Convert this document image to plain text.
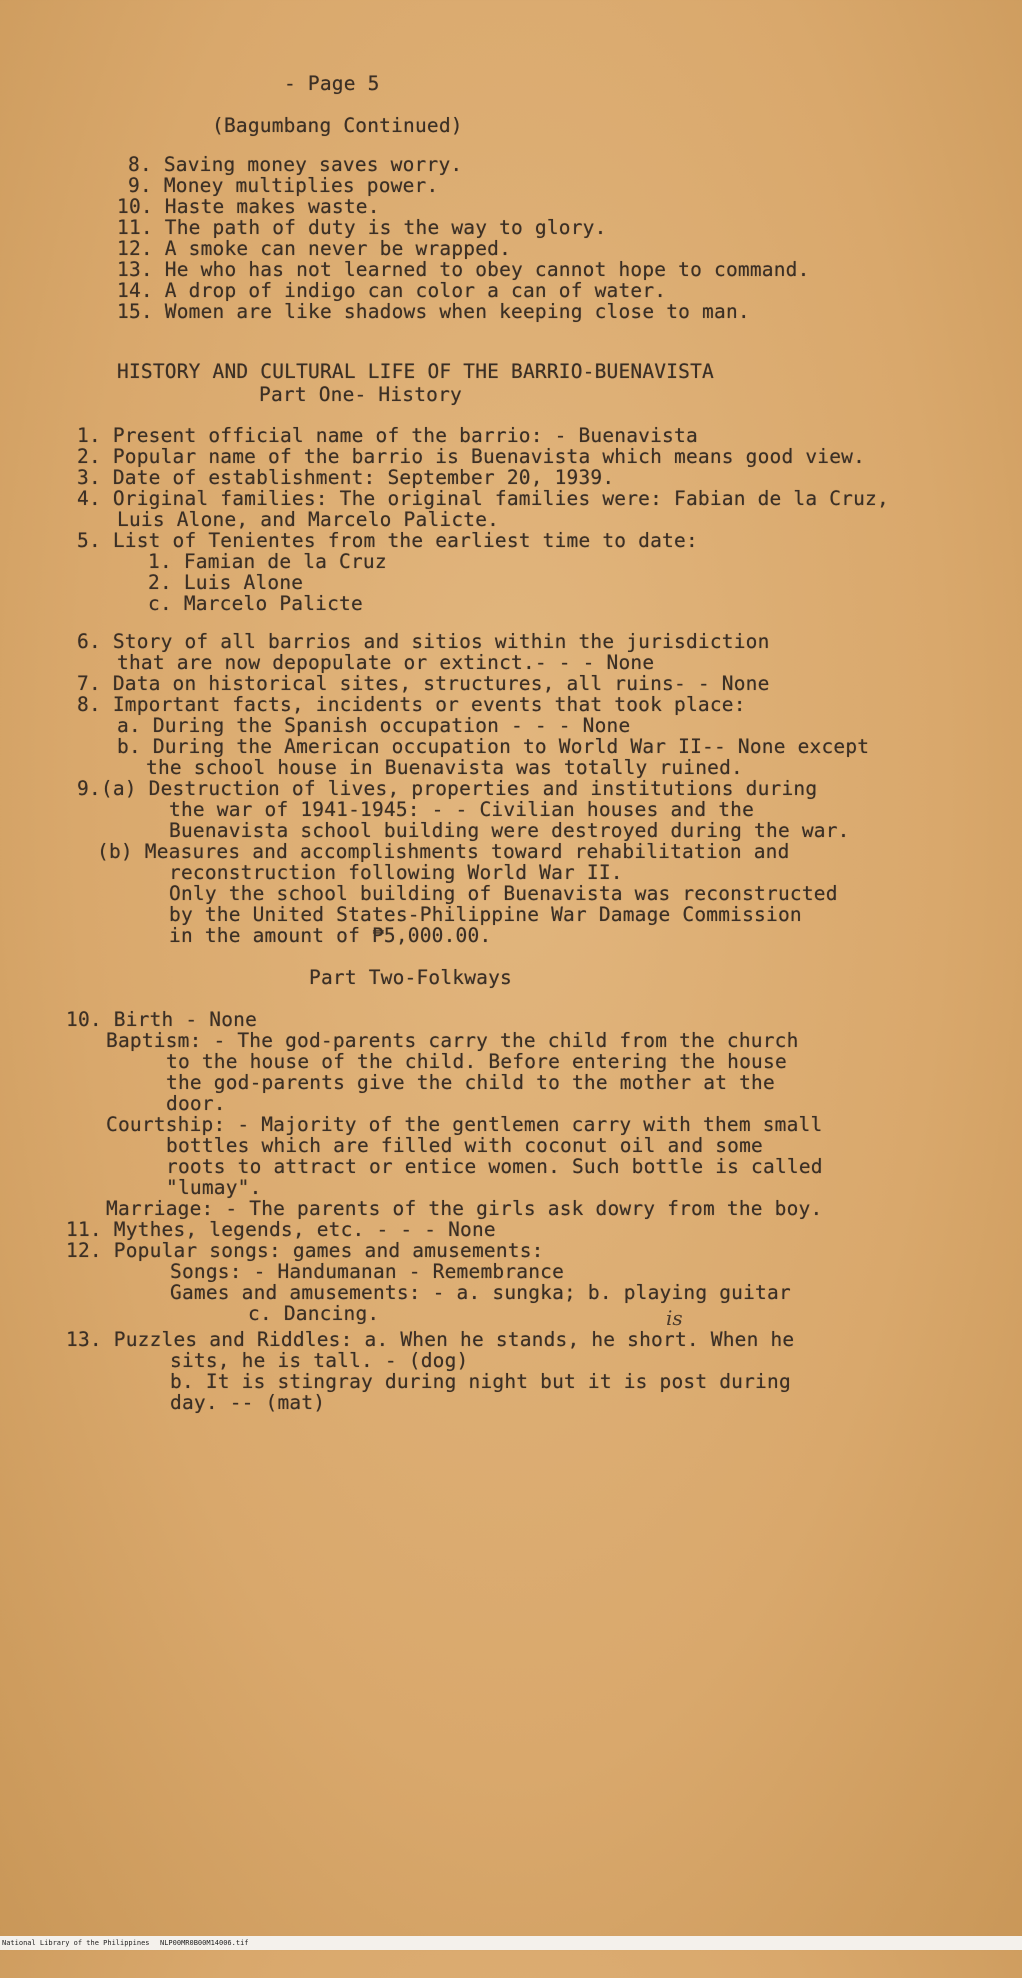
- Page 5
(Bagumbang Continued)
8. Saving money saves worry.
9. Money multiplies power.
10. Haste makes waste.
11. The path of duty is the way to glory.
12. A smoke can never be wrapped.
13. He who has not learned to obey cannot hope to command.
14. A drop of indigo can color a can of water.
15. Women are like shadows when keeping close to man.
HISTORY AND CULTURAL LIFE OF THE BARRIO-BUENAVISTA
Part One- History
1. Present official name of the barrio: - Buenavista
2. Popular name of the barrio is Buenavista which means good view.
3. Date of establishment: September 20, 1939.
4. Original families: The original families were: Fabian de la Cruz,
Luis Alone, and Marcelo Palicte.
5. List of Tenientes from the earliest time to date:
1. Famian de la Cruz
2. Luis Alone
c. Marcelo Palicte
6. Story of all barrios and sitios within the jurisdiction
that are now depopulate or extinct.- - - None
7. Data on historical sites, structures, all ruins- - None
8. Important facts, incidents or events that took place:
a. During the Spanish occupation - - - None
b. During the American occupation to World War II-- None except
the school house in Buenavista was totally ruined.
9.(a) Destruction of lives, properties and institutions during
the war of 1941-1945: - - Civilian houses and the
Buenavista school building were destroyed during the war.
(b) Measures and accomplishments toward rehabilitation and
reconstruction following World War II.
Only the school building of Buenavista was reconstructed
by the United States-Philippine War Damage Commission
in the amount of ₱5,000.00.
Part Two-Folkways
10. Birth - None
Baptism: - The god-parents carry the child from the church
to the house of the child. Before entering the house
the god-parents give the child to the mother at the
door.
Courtship: - Majority of the gentlemen carry with them small
bottles which are filled with coconut oil and some
roots to attract or entice women. Such bottle is called
"lumay".
Marriage: - The parents of the girls ask dowry from the boy.
11. Mythes, legends, etc. - - - None
12. Popular songs: games and amusements:
Songs: - Handumanan - Remembrance
Games and amusements: - a. sungka; b. playing guitar
c. Dancing.
13. Puzzles and Riddles: a. When he stands, he short. When he
sits, he is tall. - (dog)
b. It is stingray during night but it is post during
day. -- (mat)
is

National Library of the Philippines

NLP00MR0B00M14006.tif
